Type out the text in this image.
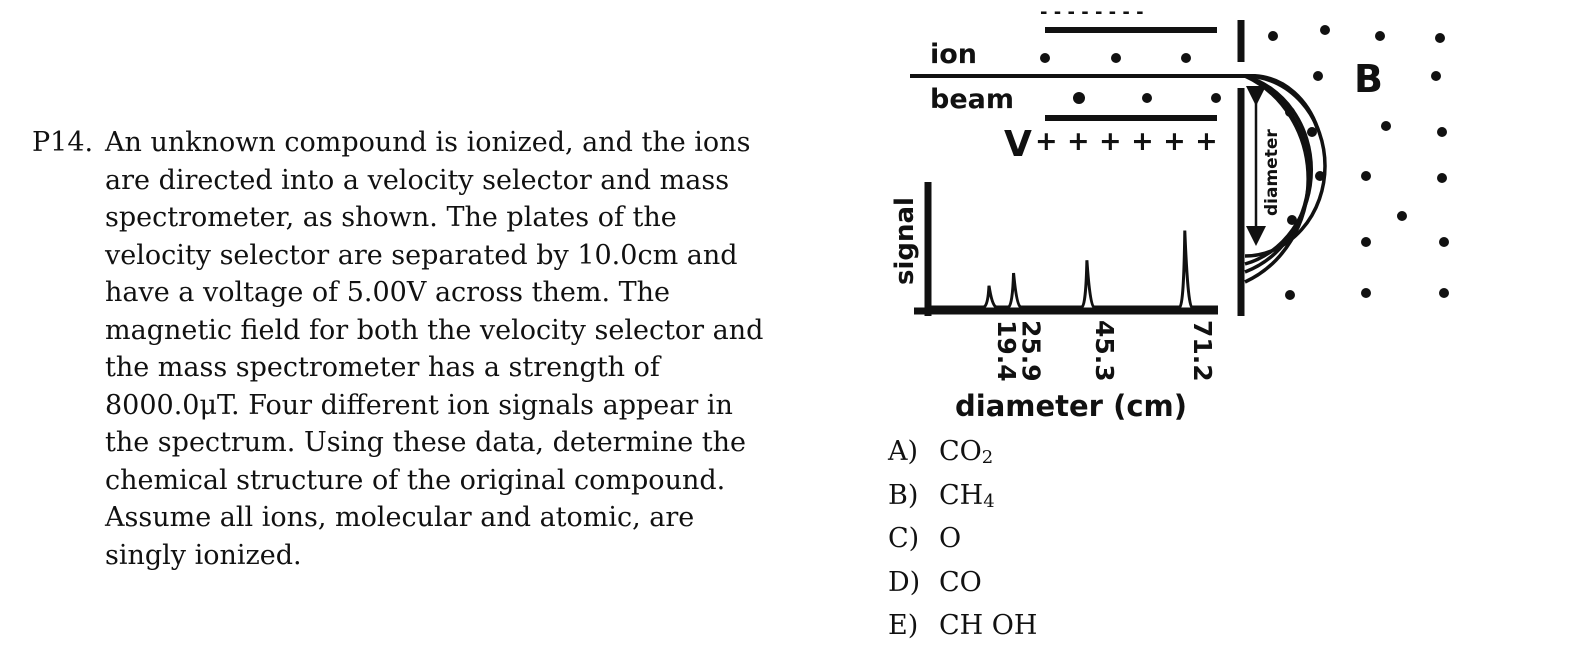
P14. An unknown compound is ionized, and the ions
are directed into a velocity selector and mass
spectrometer, as shown. The plates of the
velocity selector are separated by 10.0cm and
have a voltage of 5.00V across them. The
magnetic field for both the velocity selector and
the mass spectrometer has a strength of
8000.0μT. Four different ion signals appear in
the spectrum. Using these data, determine the
chemical structure of the original compound.
Assume all ions, molecular and atomic, are
singly ionized.
- - - - - - - -
ion
beam
V + + + + + +
B
diameter
signal
19.4
25.9 45.3	71.2
diameter (cm)
A) $CO_2$
B) $CH_4$
C) O
D) CO
E) CH OH
